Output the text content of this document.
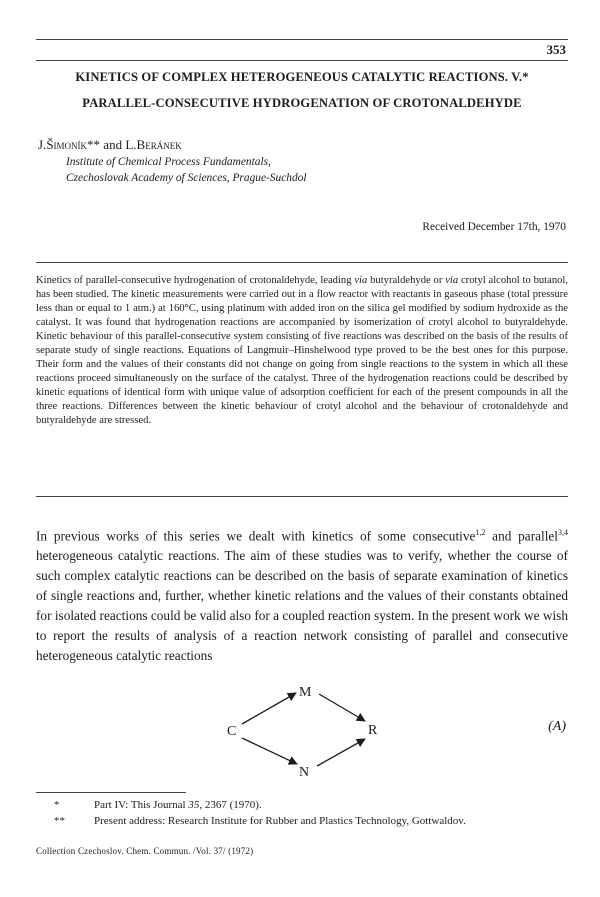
353
KINETICS OF COMPLEX HETEROGENEOUS CATALYTIC REACTIONS. V.*
PARALLEL-CONSECUTIVE HYDROGENATION OF CROTONALDEHYDE
J.Šimoník** and L.Beránek
Institute of Chemical Process Fundamentals,
Czechoslovak Academy of Sciences, Prague-Suchdol
Received December 17th, 1970

Kinetics of parallel-consecutive hydrogenation of crotonaldehyde, leading via butyraldehyde or via crotyl alcohol to butanol, has been studied. The kinetic measurements were carried out in a flow reactor with reactants in gaseous phase (total pressure less than or equal to 1 atm.) at 160°C, using platinum with added iron on the silica gel modified by sodium hydroxide as the catalyst. It was found that hydrogenation reactions are accompanied by isomerization of crotyl alcohol to butyraldehyde. Kinetic behaviour of this parallel-consecutive system consisting of five reactions was described on the basis of the results of separate study of single reactions. Equations of Langmuir–Hinshelwood type proved to be the best ones for this purpose. Their form and the values of their constants did not change on going from single reactions to the system in which all these reactions proceed simultaneously on the surface of the catalyst. Three of the hydrogenation reactions could be described by kinetic equations of identical form with unique value of adsorption coefficient for each of the present compounds in all the three reactions. Differences between the kinetic behaviour of crotyl alcohol and the behaviour of crotonaldehyde and butyraldehyde are stressed.

In previous works of this series we dealt with kinetics of some consecutive$^{1,2}$ and parallel$^{3,4}$ heterogeneous catalytic reactions. The aim of these studies was to verify, whether the course of such complex catalytic reactions can be described on the basis of separate examination of kinetics of single reactions and, further, whether kinetic relations and the values of their constants obtained for isolated reactions could be valid also for a coupled reaction system. In the present work we wish to report the results of analysis of a reaction network consisting of parallel and consecutive heterogeneous catalytic reactions

C
M
R
N
(A)
*	Part IV: This Journal 35, 2367 (1970).
**	Present address: Research Institute for Rubber and Plastics Technology, Gottwaldov.
Collection Czechoslov. Chem. Commun. /Vol. 37/ (1972)
